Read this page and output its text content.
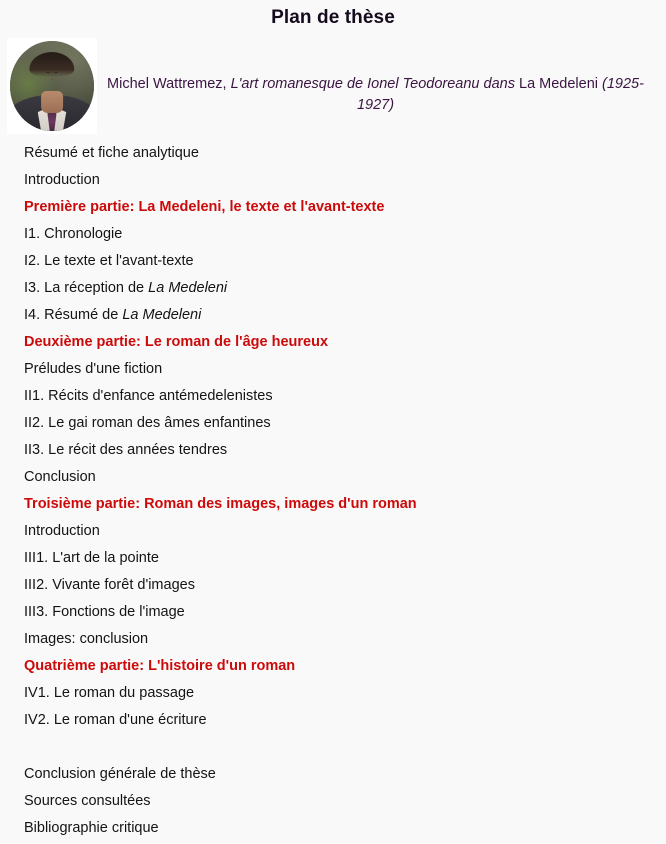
Plan de thèse

Michel Wattremez, L'art romanesque de Ionel Teodoreanu dans La Medeleni (1925-1927)

Résumé et fiche analytique
Introduction
Première partie: La Medeleni, le texte et l'avant-texte
I1. Chronologie
I2. Le texte et l'avant-texte
I3. La réception de La Medeleni
I4. Résumé de La Medeleni
Deuxième partie: Le roman de l'âge heureux
Préludes d'une fiction
II1. Récits d'enfance antémedelenistes
II2. Le gai roman des âmes enfantines
II3. Le récit des années tendres
Conclusion
Troisième partie: Roman des images, images d'un roman
Introduction
III1. L'art de la pointe
III2. Vivante forêt d'images
III3. Fonctions de l'image
Images: conclusion
Quatrième partie: L'histoire d'un roman
IV1. Le roman du passage
IV2. Le roman d'une écriture

Conclusion générale de thèse
Sources consultées
Bibliographie critique
